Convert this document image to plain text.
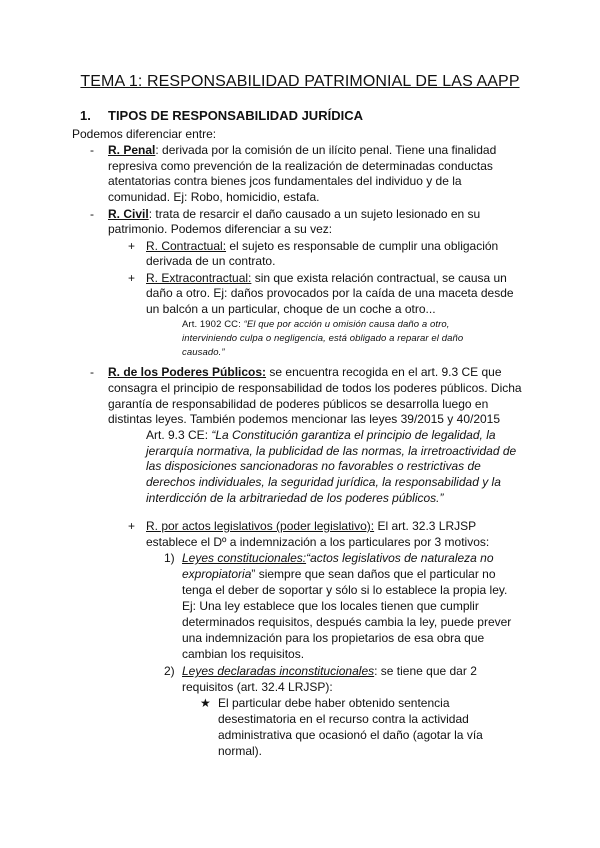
TEMA 1: RESPONSABILIDAD PATRIMONIAL DE LAS AAPP
1. TIPOS DE RESPONSABILIDAD JURÍDICA
Podemos diferenciar entre:
- R. Penal: derivada por la comisión de un ilícito penal. Tiene una finalidad
represiva como prevención de la realización de determinadas conductas
atentatorias contra bienes jcos fundamentales del individuo y de la
comunidad. Ej: Robo, homicidio, estafa.
- R. Civil: trata de resarcir el daño causado a un sujeto lesionado en su
patrimonio. Podemos diferenciar a su vez:
+ R. Contractual: el sujeto es responsable de cumplir una obligación
derivada de un contrato.
+ R. Extracontractual: sin que exista relación contractual, se causa un
daño a otro. Ej: daños provocados por la caída de una maceta desde
un balcón a un particular, choque de un coche a otro...
Art. 1902 CC: “El que por acción u omisión causa daño a otro,
interviniendo culpa o negligencia, está obligado a reparar el daño
causado.”
- R. de los Poderes Públicos: se encuentra recogida en el art. 9.3 CE que
consagra el principio de responsabilidad de todos los poderes públicos. Dicha
garantía de responsabilidad de poderes públicos se desarrolla luego en
distintas leyes. También podemos mencionar las leyes 39/2015 y 40/2015
Art. 9.3 CE: “La Constitución garantiza el principio de legalidad, la
jerarquía normativa, la publicidad de las normas, la irretroactividad de
las disposiciones sancionadoras no favorables o restrictivas de
derechos individuales, la seguridad jurídica, la responsabilidad y la
interdicción de la arbitrariedad de los poderes públicos.”
+ R. por actos legislativos (poder legislativo): El art. 32.3 LRJSP
establece el Dº a indemnización a los particulares por 3 motivos:
1) Leyes constitucionales:“actos legislativos de naturaleza no
expropiatoria” siempre que sean daños que el particular no
tenga el deber de soportar y sólo si lo establece la propia ley.
Ej: Una ley establece que los locales tienen que cumplir
determinados requisitos, después cambia la ley, puede prever
una indemnización para los propietarios de esa obra que
cambian los requisitos.
2) Leyes declaradas inconstitucionales: se tiene que dar 2
requisitos (art. 32.4 LRJSP):
★ El particular debe haber obtenido sentencia
desestimatoria en el recurso contra la actividad
administrativa que ocasionó el daño (agotar la vía
normal).
